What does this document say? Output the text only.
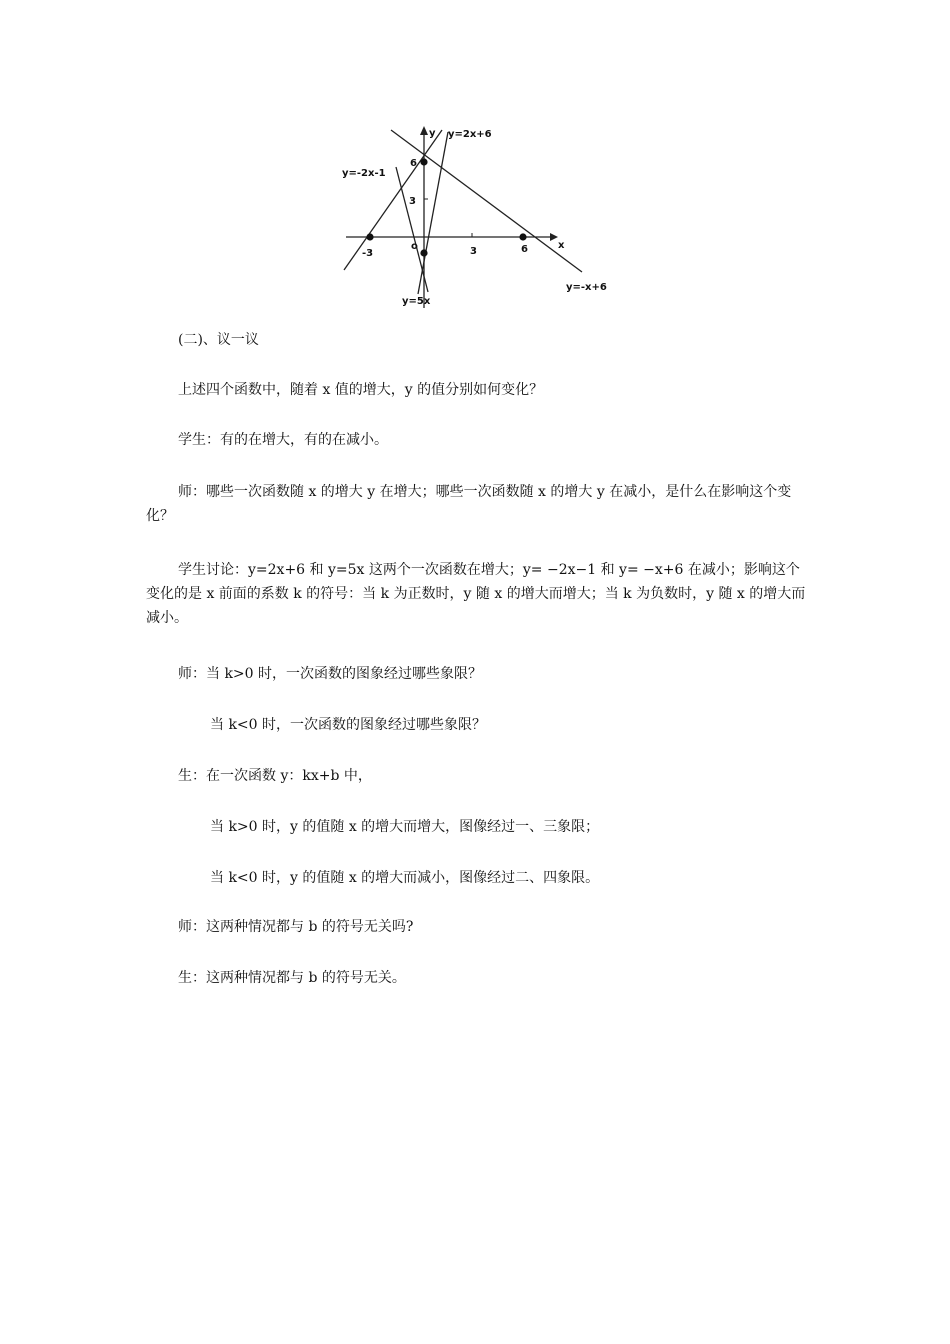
y
x
y=2x+6
y=-2x-1
y=5x
y=-x+6
6
3
o
-3	3	6

(二)、议一议

上述四个函数中，随着 x 值的增大，y 的值分别如何变化？

学生：有的在增大，有的在减小。

师：哪些一次函数随 x 的增大 y 在增大；哪些一次函数随 x 的增大 y 在减小，是什么在影响这个变化？

学生讨论：y=2x+6 和 y=5x 这两个一次函数在增大；y= −2x−1 和 y= −x+6 在减小；影响这个变化的是 x 前面的系数 k 的符号：当 k 为正数时，y 随 x 的增大而增大；当 k 为负数时，y 随 x 的增大而减小。

师：当 k>0 时，一次函数的图象经过哪些象限？

当 k<0 时，一次函数的图象经过哪些象限？

生：在一次函数 y：kx+b 中，

当 k>0 时，y 的值随 x 的增大而增大，图像经过一、三象限；

当 k<0 时，y 的值随 x 的增大而减小，图像经过二、四象限。

师：这两种情况都与 b 的符号无关吗?

生：这两种情况都与 b 的符号无关。
